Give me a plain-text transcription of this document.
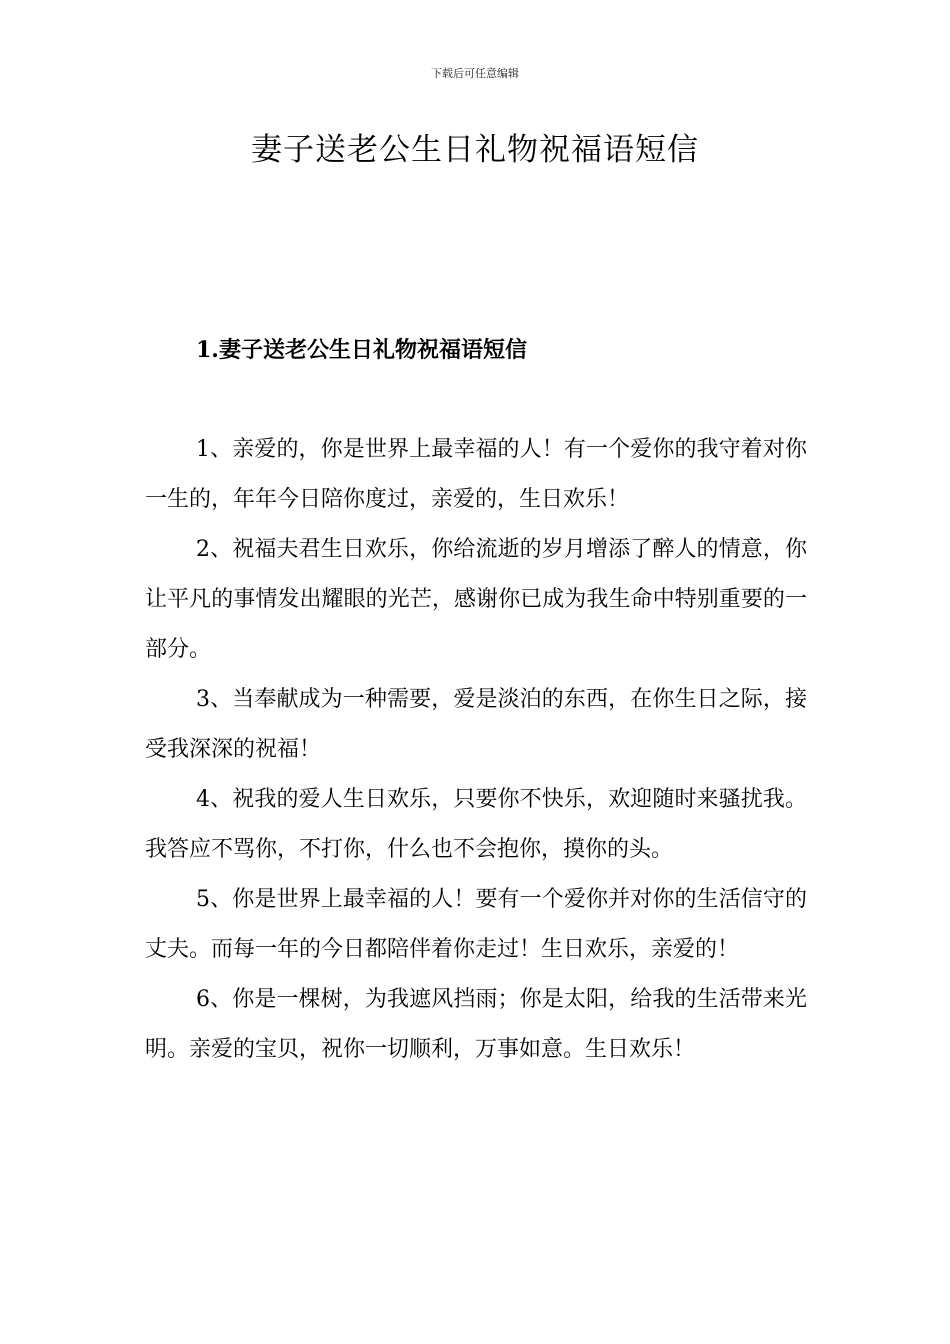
下载后可任意编辑
妻子送老公生日礼物祝福语短信
1.妻子送老公生日礼物祝福语短信

1、亲爱的，你是世界上最幸福的人！有一个爱你的我守着对你一生的，年年今日陪你度过，亲爱的，生日欢乐！

2、祝福夫君生日欢乐，你给流逝的岁月增添了醉人的情意，你让平凡的事情发出耀眼的光芒，感谢你已成为我生命中特别重要的一部分。

3、当奉献成为一种需要，爱是淡泊的东西，在你生日之际，接受我深深的祝福！

4、祝我的爱人生日欢乐，只要你不快乐，欢迎随时来骚扰我。我答应不骂你，不打你，什么也不会抱你，摸你的头。

5、你是世界上最幸福的人！要有一个爱你并对你的生活信守的丈夫。而每一年的今日都陪伴着你走过！生日欢乐，亲爱的！

6、你是一棵树，为我遮风挡雨；你是太阳，给我的生活带来光明。亲爱的宝贝，祝你一切顺利，万事如意。生日欢乐！
